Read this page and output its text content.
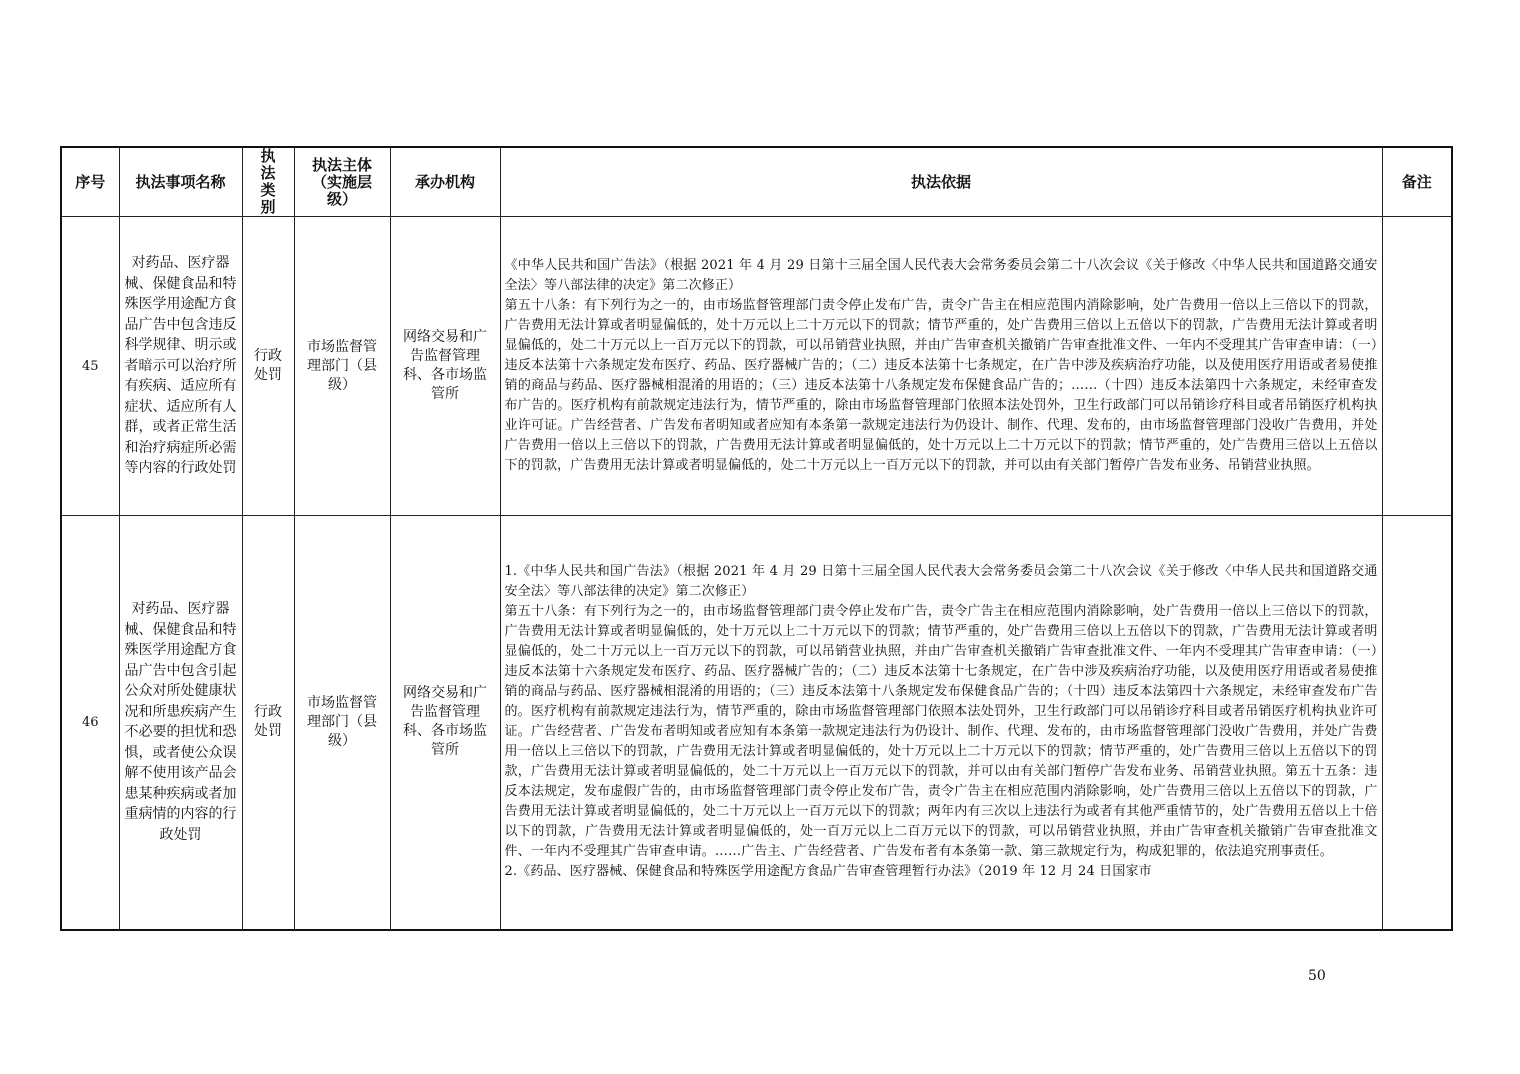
序号	执法事项名称	执法类别	执法主体（实施层级）	承办机构	执法依据	备注
45	对药品、医疗器械、保健食品和特殊医学用途配方食品广告中包含违反科学规律、明示或者暗示可以治疗所有疾病、适应所有症状、适应所有人群，或者正常生活和治疗病症所必需等内容的行政处罚	行政处罚	市场监督管理部门（县级）	网络交易和广告监督管理科、各市场监管所	《中华人民共和国广告法》（根据 2021 年 4 月 29 日第十三届全国人民代表大会常务委员会第二十八次会议《关于修改〈中华人民共和国道路交通安全法〉等八部法律的决定》第二次修正）

第五十八条：有下列行为之一的，由市场监督管理部门责令停止发布广告，责令广告主在相应范围内消除影响，处广告费用一倍以上三倍以下的罚款，广告费用无法计算或者明显偏低的，处十万元以上二十万元以下的罚款；情节严重的，处广告费用三倍以上五倍以下的罚款，广告费用无法计算或者明显偏低的，处二十万元以上一百万元以下的罚款，可以吊销营业执照，并由广告审查机关撤销广告审查批准文件、一年内不受理其广告审查申请：（一）违反本法第十六条规定发布医疗、药品、医疗器械广告的；（二）违反本法第十七条规定，在广告中涉及疾病治疗功能，以及使用医疗用语或者易使推销的商品与药品、医疗器械相混淆的用语的；（三）违反本法第十八条规定发布保健食品广告的；……（十四）违反本法第四十六条规定，未经审查发布广告的。医疗机构有前款规定违法行为，情节严重的，除由市场监督管理部门依照本法处罚外，卫生行政部门可以吊销诊疗科目或者吊销医疗机构执业许可证。广告经营者、广告发布者明知或者应知有本条第一款规定违法行为仍设计、制作、代理、发布的，由市场监督管理部门没收广告费用，并处广告费用一倍以上三倍以下的罚款，广告费用无法计算或者明显偏低的，处十万元以上二十万元以下的罚款；情节严重的，处广告费用三倍以上五倍以下的罚款，广告费用无法计算或者明显偏低的，处二十万元以上一百万元以下的罚款，并可以由有关部门暂停广告发布业务、吊销营业执照。	

46	对药品、医疗器械、保健食品和特殊医学用途配方食品广告中包含引起公众对所处健康状况和所患疾病产生不必要的担忧和恐惧，或者使公众误解不使用该产品会患某种疾病或者加重病情的内容的行政处罚	行政处罚	市场监督管理部门（县级）	网络交易和广告监督管理科、各市场监管所	1.《中华人民共和国广告法》（根据 2021 年 4 月 29 日第十三届全国人民代表大会常务委员会第二十八次会议《关于修改〈中华人民共和国道路交通安全法〉等八部法律的决定》第二次修正）

第五十八条：有下列行为之一的，由市场监督管理部门责令停止发布广告，责令广告主在相应范围内消除影响，处广告费用一倍以上三倍以下的罚款，广告费用无法计算或者明显偏低的，处十万元以上二十万元以下的罚款；情节严重的，处广告费用三倍以上五倍以下的罚款，广告费用无法计算或者明显偏低的，处二十万元以上一百万元以下的罚款，可以吊销营业执照，并由广告审查机关撤销广告审查批准文件、一年内不受理其广告审查申请：（一）违反本法第十六条规定发布医疗、药品、医疗器械广告的；（二）违反本法第十七条规定，在广告中涉及疾病治疗功能，以及使用医疗用语或者易使推销的商品与药品、医疗器械相混淆的用语的；（三）违反本法第十八条规定发布保健食品广告的；（十四）违反本法第四十六条规定，未经审查发布广告的。医疗机构有前款规定违法行为，情节严重的，除由市场监督管理部门依照本法处罚外，卫生行政部门可以吊销诊疗科目或者吊销医疗机构执业许可证。广告经营者、广告发布者明知或者应知有本条第一款规定违法行为仍设计、制作、代理、发布的，由市场监督管理部门没收广告费用，并处广告费用一倍以上三倍以下的罚款，广告费用无法计算或者明显偏低的，处十万元以上二十万元以下的罚款；情节严重的，处广告费用三倍以上五倍以下的罚款，广告费用无法计算或者明显偏低的，处二十万元以上一百万元以下的罚款，并可以由有关部门暂停广告发布业务、吊销营业执照。第五十五条：违反本法规定，发布虚假广告的，由市场监督管理部门责令停止发布广告，责令广告主在相应范围内消除影响，处广告费用三倍以上五倍以下的罚款，广告费用无法计算或者明显偏低的，处二十万元以上一百万元以下的罚款；两年内有三次以上违法行为或者有其他严重情节的，处广告费用五倍以上十倍以下的罚款，广告费用无法计算或者明显偏低的，处一百万元以上二百万元以下的罚款，可以吊销营业执照，并由广告审查机关撤销广告审查批准文件、一年内不受理其广告审查申请。……广告主、广告经营者、广告发布者有本条第一款、第三款规定行为，构成犯罪的，依法追究刑事责任。

2.《药品、医疗器械、保健食品和特殊医学用途配方食品广告审查管理暂行办法》（2019 年 12 月 24 日国家市	

50
